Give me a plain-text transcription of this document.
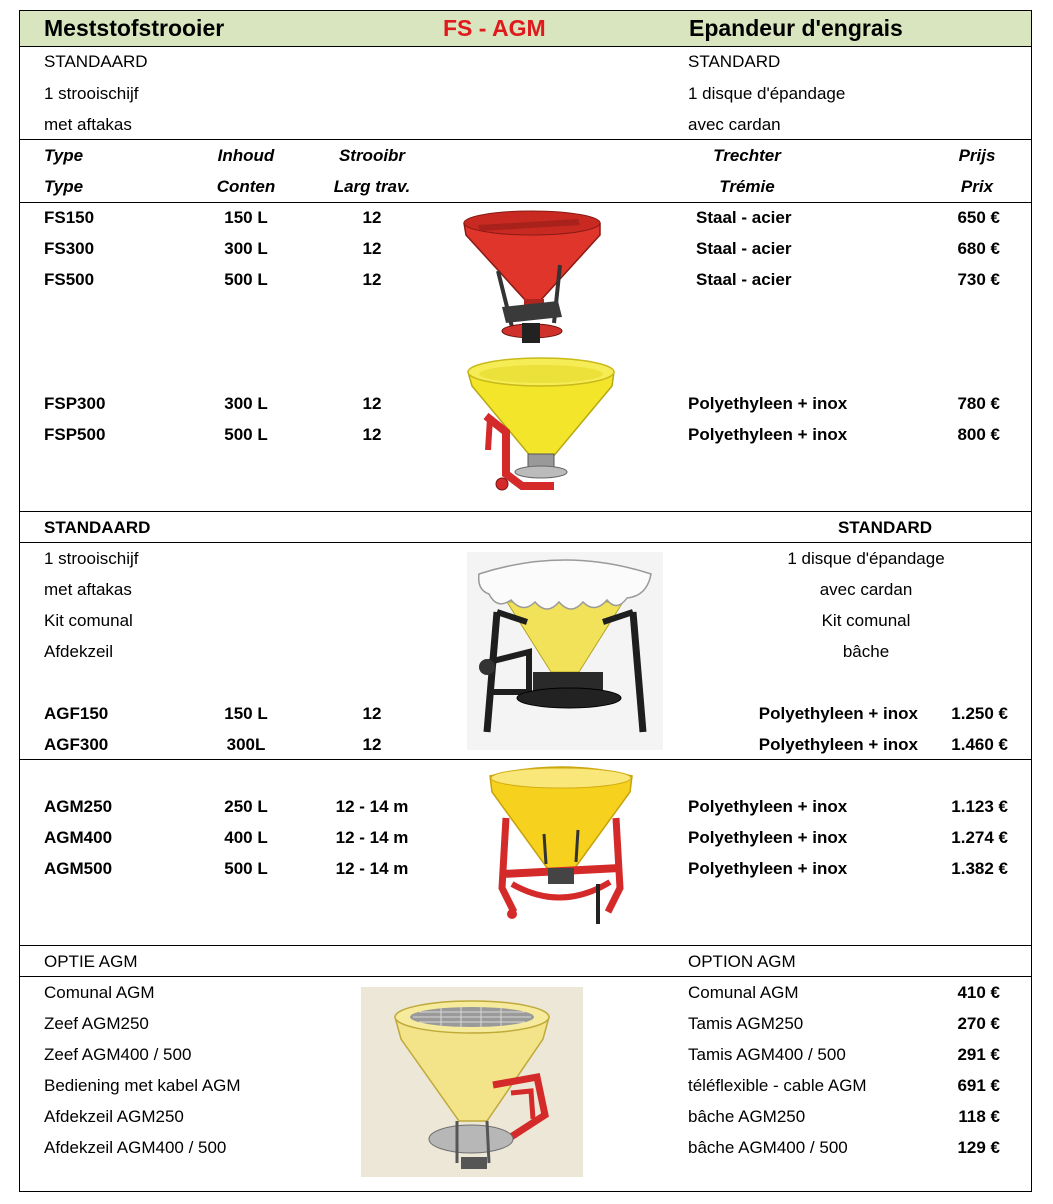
Meststofstrooier	FS - AGM	Epandeur d'engrais
STANDAARD
1 strooischijf
met aftakas
STANDARD
1 disque d'épandage
avec cardan
Type	Inhoud	Strooibr	Trechter	Prijs
Type	Conten	Larg trav.	Trémie	Prix
FS150	150 L	12	Staal - acier	650 €
FS300	300 L	12	Staal - acier	680 €
FS500	500 L	12	Staal - acier	730 €
FSP300	300 L	12	Polyethyleen + inox	780 €
FSP500	500 L	12	Polyethyleen + inox	800 €
STANDAARD	STANDARD
1 strooischijf
met aftakas
Kit comunal
Afdekzeil
1 disque d'épandage
avec cardan
Kit comunal
bâche
AGF150	150 L	12	Polyethyleen + inox	1.250 €
AGF300	300L	12	Polyethyleen + inox	1.460 €
AGM250	250 L	12 - 14 m	Polyethyleen + inox	1.123 €
AGM400	400 L	12 - 14 m	Polyethyleen + inox	1.274 €
AGM500	500 L	12 - 14 m	Polyethyleen + inox	1.382 €
OPTIE AGM	OPTION AGM
Comunal AGM	Comunal AGM	410 €
Zeef AGM250	Tamis AGM250	270 €
Zeef AGM400 / 500	Tamis AGM400 / 500	291 €
Bediening met kabel AGM	téléflexible - cable AGM	691 €
Afdekzeil AGM250	bâche AGM250	118 €
Afdekzeil AGM400 / 500	bâche AGM400 / 500	129 €
